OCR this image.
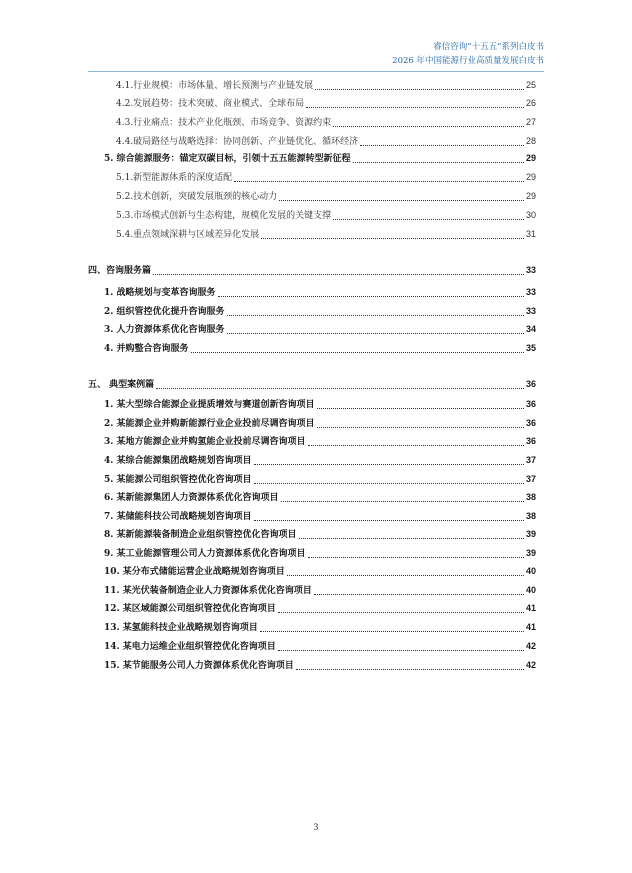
睿信咨询“十五五”系列白皮书
2026 年中国能源行业高质量发展白皮书
4.1.行业规模：市场体量、增长预测与产业链发展	25
4.2.发展趋势：技术突破、商业模式、全球布局	26
4.3.行业痛点：技术产业化瓶颈、市场竞争、资源约束	27
4.4.破局路径与战略选择：协同创新、产业链优化、循环经济	28
5. 综合能源服务：锚定双碳目标，引领十五五能源转型新征程	29
5.1.新型能源体系的深度适配	29
5.2.技术创新，突破发展瓶颈的核心动力	29
5.3.市场模式创新与生态构建，规模化发展的关键支撑	30
5.4.重点领域深耕与区域差异化发展	31
四、咨询服务篇	33
1. 战略规划与变革咨询服务	33
2. 组织管控优化提升咨询服务	33
3. 人力资源体系优化咨询服务	34
4. 并购整合咨询服务	35
五、 典型案例篇	36
1. 某大型综合能源企业提质增效与赛道创新咨询项目	36
2. 某能源企业并购新能源行业企业投前尽调咨询项目	36
3. 某地方能源企业并购氢能企业投前尽调咨询项目	36
4. 某综合能源集团战略规划咨询项目	37
5. 某能源公司组织管控优化咨询项目	37
6. 某新能源集团人力资源体系优化咨询项目	38
7. 某储能科技公司战略规划咨询项目	38
8. 某新能源装备制造企业组织管控优化咨询项目	39
9. 某工业能源管理公司人力资源体系优化咨询项目	39
10. 某分布式储能运营企业战略规划咨询项目	40
11. 某光伏装备制造企业人力资源体系优化咨询项目	40
12. 某区域能源公司组织管控优化咨询项目	41
13. 某氢能科技企业战略规划咨询项目	41
14. 某电力运维企业组织管控优化咨询项目	42
15. 某节能服务公司人力资源体系优化咨询项目	42
3
